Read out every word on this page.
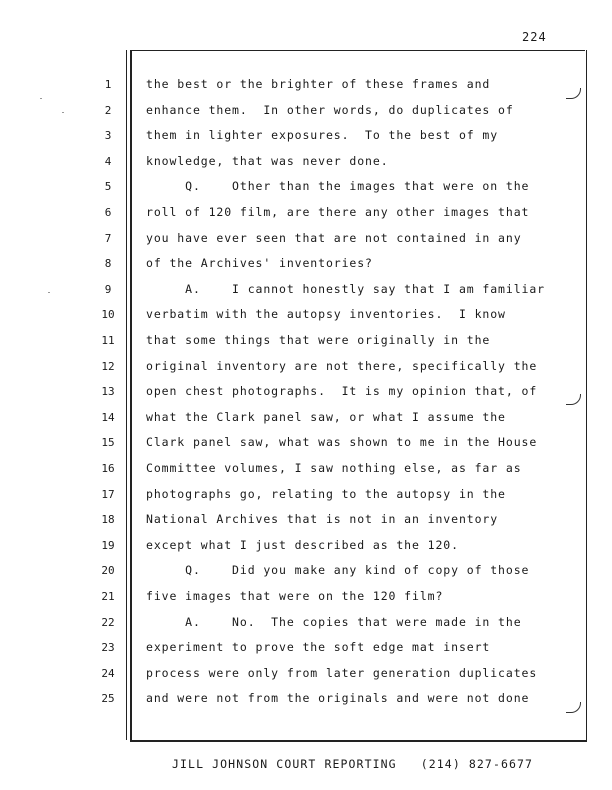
224
1	the best or the brighter of these frames and
2	enhance them.  In other words, do duplicates of
3	them in lighter exposures.  To the best of my
4	knowledge, that was never done.
5	Q.    Other than the images that were on the
6	roll of 120 film, are there any other images that
7	you have ever seen that are not contained in any
8	of the Archives' inventories?
9	A.    I cannot honestly say that I am familiar
10	verbatim with the autopsy inventories.  I know
11	that some things that were originally in the
12	original inventory are not there, specifically the
13	open chest photographs.  It is my opinion that, of
14	what the Clark panel saw, or what I assume the
15	Clark panel saw, what was shown to me in the House
16	Committee volumes, I saw nothing else, as far as
17	photographs go, relating to the autopsy in the
18	National Archives that is not in an inventory
19	except what I just described as the 120.
20	Q.    Did you make any kind of copy of those
21	five images that were on the 120 film?
22	A.    No.  The copies that were made in the
23	experiment to prove the soft edge mat insert
24	process were only from later generation duplicates
25	and were not from the originals and were not done
JILL JOHNSON COURT REPORTING   (214) 827-6677
